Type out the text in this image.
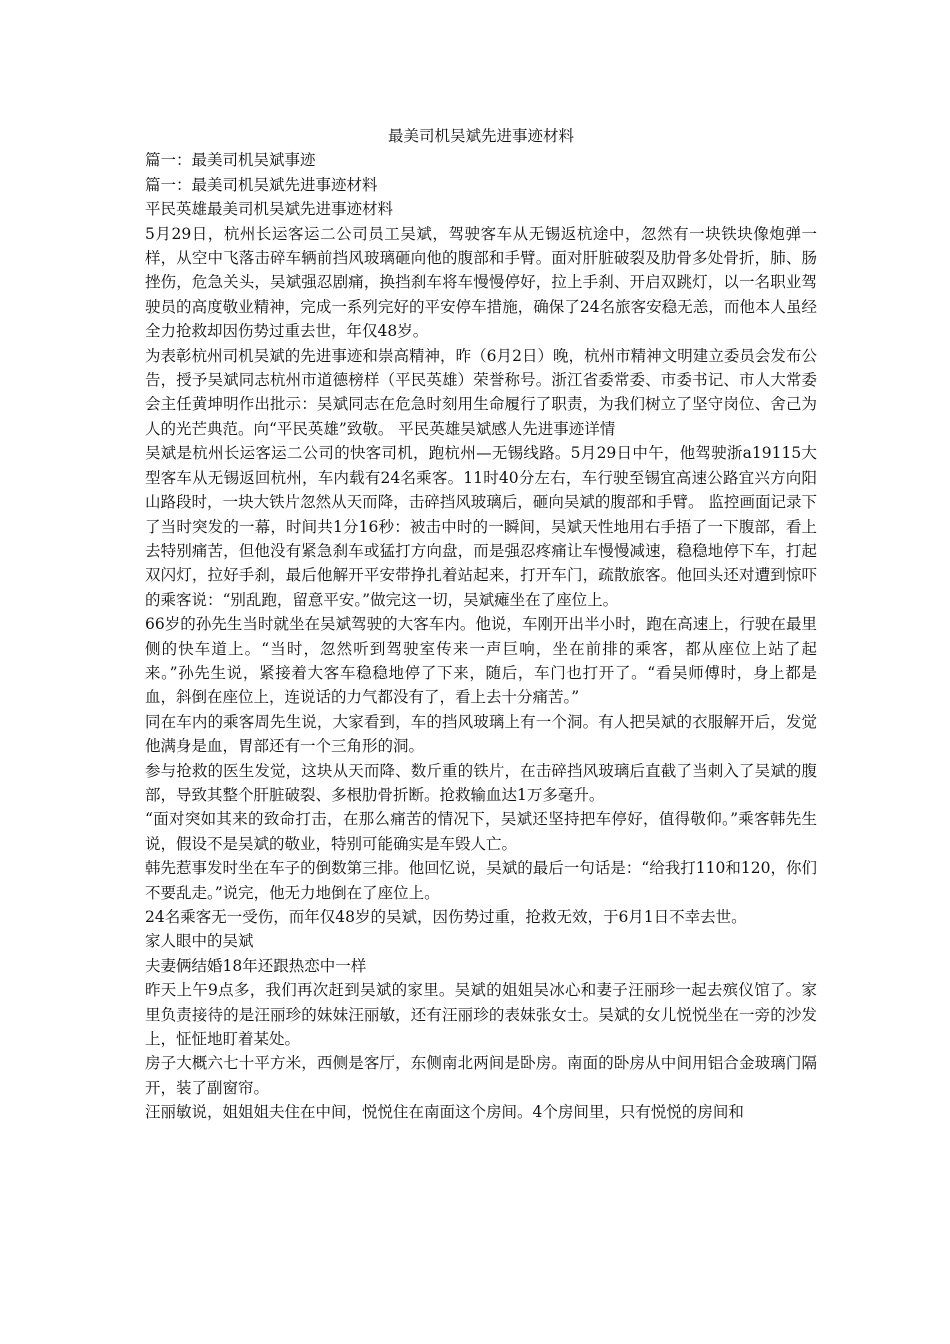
最美司机吴斌先进事迹材料

篇一：最美司机吴斌事迹

篇一：最美司机吴斌先进事迹材料

平民英雄最美司机吴斌先进事迹材料

5月29日，杭州长运客运二公司员工吴斌，驾驶客车从无锡返杭途中，忽然有一块铁块像炮弹一样，从空中飞落击碎车辆前挡风玻璃砸向他的腹部和手臂。面对肝脏破裂及肋骨多处骨折，肺、肠挫伤，危急关头，吴斌强忍剧痛，换挡刹车将车慢慢停好，拉上手刹、开启双跳灯，以一名职业驾驶员的高度敬业精神，完成一系列完好的平安停车措施，确保了24名旅客安稳无恙，而他本人虽经全力抢救却因伤势过重去世，年仅48岁。

为表彰杭州司机吴斌的先进事迹和崇高精神，昨（6月2日）晚，杭州市精神文明建立委员会发布公告，授予吴斌同志杭州市道德榜样（平民英雄）荣誉称号。浙江省委常委、市委书记、市人大常委会主任黄坤明作出批示：吴斌同志在危急时刻用生命履行了职责，为我们树立了坚守岗位、舍己为人的光芒典范。向“平民英雄”致敬。 平民英雄吴斌感人先进事迹详情

吴斌是杭州长运客运二公司的快客司机，跑杭州—无锡线路。5月29日中午，他驾驶浙a19115大型客车从无锡返回杭州，车内载有24名乘客。11时40分左右，车行驶至锡宜高速公路宜兴方向阳山路段时，一块大铁片忽然从天而降，击碎挡风玻璃后，砸向吴斌的腹部和手臂。 监控画面记录下了当时突发的一幕，时间共1分16秒：被击中时的一瞬间，吴斌天性地用右手捂了一下腹部，看上去特别痛苦，但他没有紧急刹车或猛打方向盘，而是强忍疼痛让车慢慢减速，稳稳地停下车，打起双闪灯，拉好手刹，最后他解开平安带挣扎着站起来，打开车门，疏散旅客。他回头还对遭到惊吓的乘客说：“别乱跑，留意平安。”做完这一切，吴斌瘫坐在了座位上。

66岁的孙先生当时就坐在吴斌驾驶的大客车内。他说，车刚开出半小时，跑在高速上，行驶在最里侧的快车道上。“当时，忽然听到驾驶室传来一声巨响，坐在前排的乘客，都从座位上站了起来。”孙先生说，紧接着大客车稳稳地停了下来，随后，车门也打开了。“看吴师傅时，身上都是血，斜倒在座位上，连说话的力气都没有了，看上去十分痛苦。”

同在车内的乘客周先生说，大家看到，车的挡风玻璃上有一个洞。有人把吴斌的衣服解开后，发觉他满身是血，胃部还有一个三角形的洞。

参与抢救的医生发觉，这块从天而降、数斤重的铁片，在击碎挡风玻璃后直截了当刺入了吴斌的腹部，导致其整个肝脏破裂、多根肋骨折断。抢救输血达1万多毫升。

“面对突如其来的致命打击，在那么痛苦的情况下，吴斌还坚持把车停好，值得敬仰。”乘客韩先生说，假设不是吴斌的敬业，特别可能确实是车毁人亡。

韩先惹事发时坐在车子的倒数第三排。他回忆说，吴斌的最后一句话是：“给我打110和120，你们不要乱走。”说完，他无力地倒在了座位上。

24名乘客无一受伤，而年仅48岁的吴斌，因伤势过重，抢救无效，于6月1日不幸去世。

家人眼中的吴斌

夫妻俩结婚18年还跟热恋中一样

昨天上午9点多，我们再次赶到吴斌的家里。吴斌的姐姐吴冰心和妻子汪丽珍一起去殡仪馆了。家里负责接待的是汪丽珍的妹妹汪丽敏，还有汪丽珍的表妹张女士。吴斌的女儿悦悦坐在一旁的沙发上，怔怔地盯着某处。

房子大概六七十平方米，西侧是客厅，东侧南北两间是卧房。南面的卧房从中间用铝合金玻璃门隔开，装了副窗帘。

汪丽敏说，姐姐姐夫住在中间，悦悦住在南面这个房间。4个房间里，只有悦悦的房间和
